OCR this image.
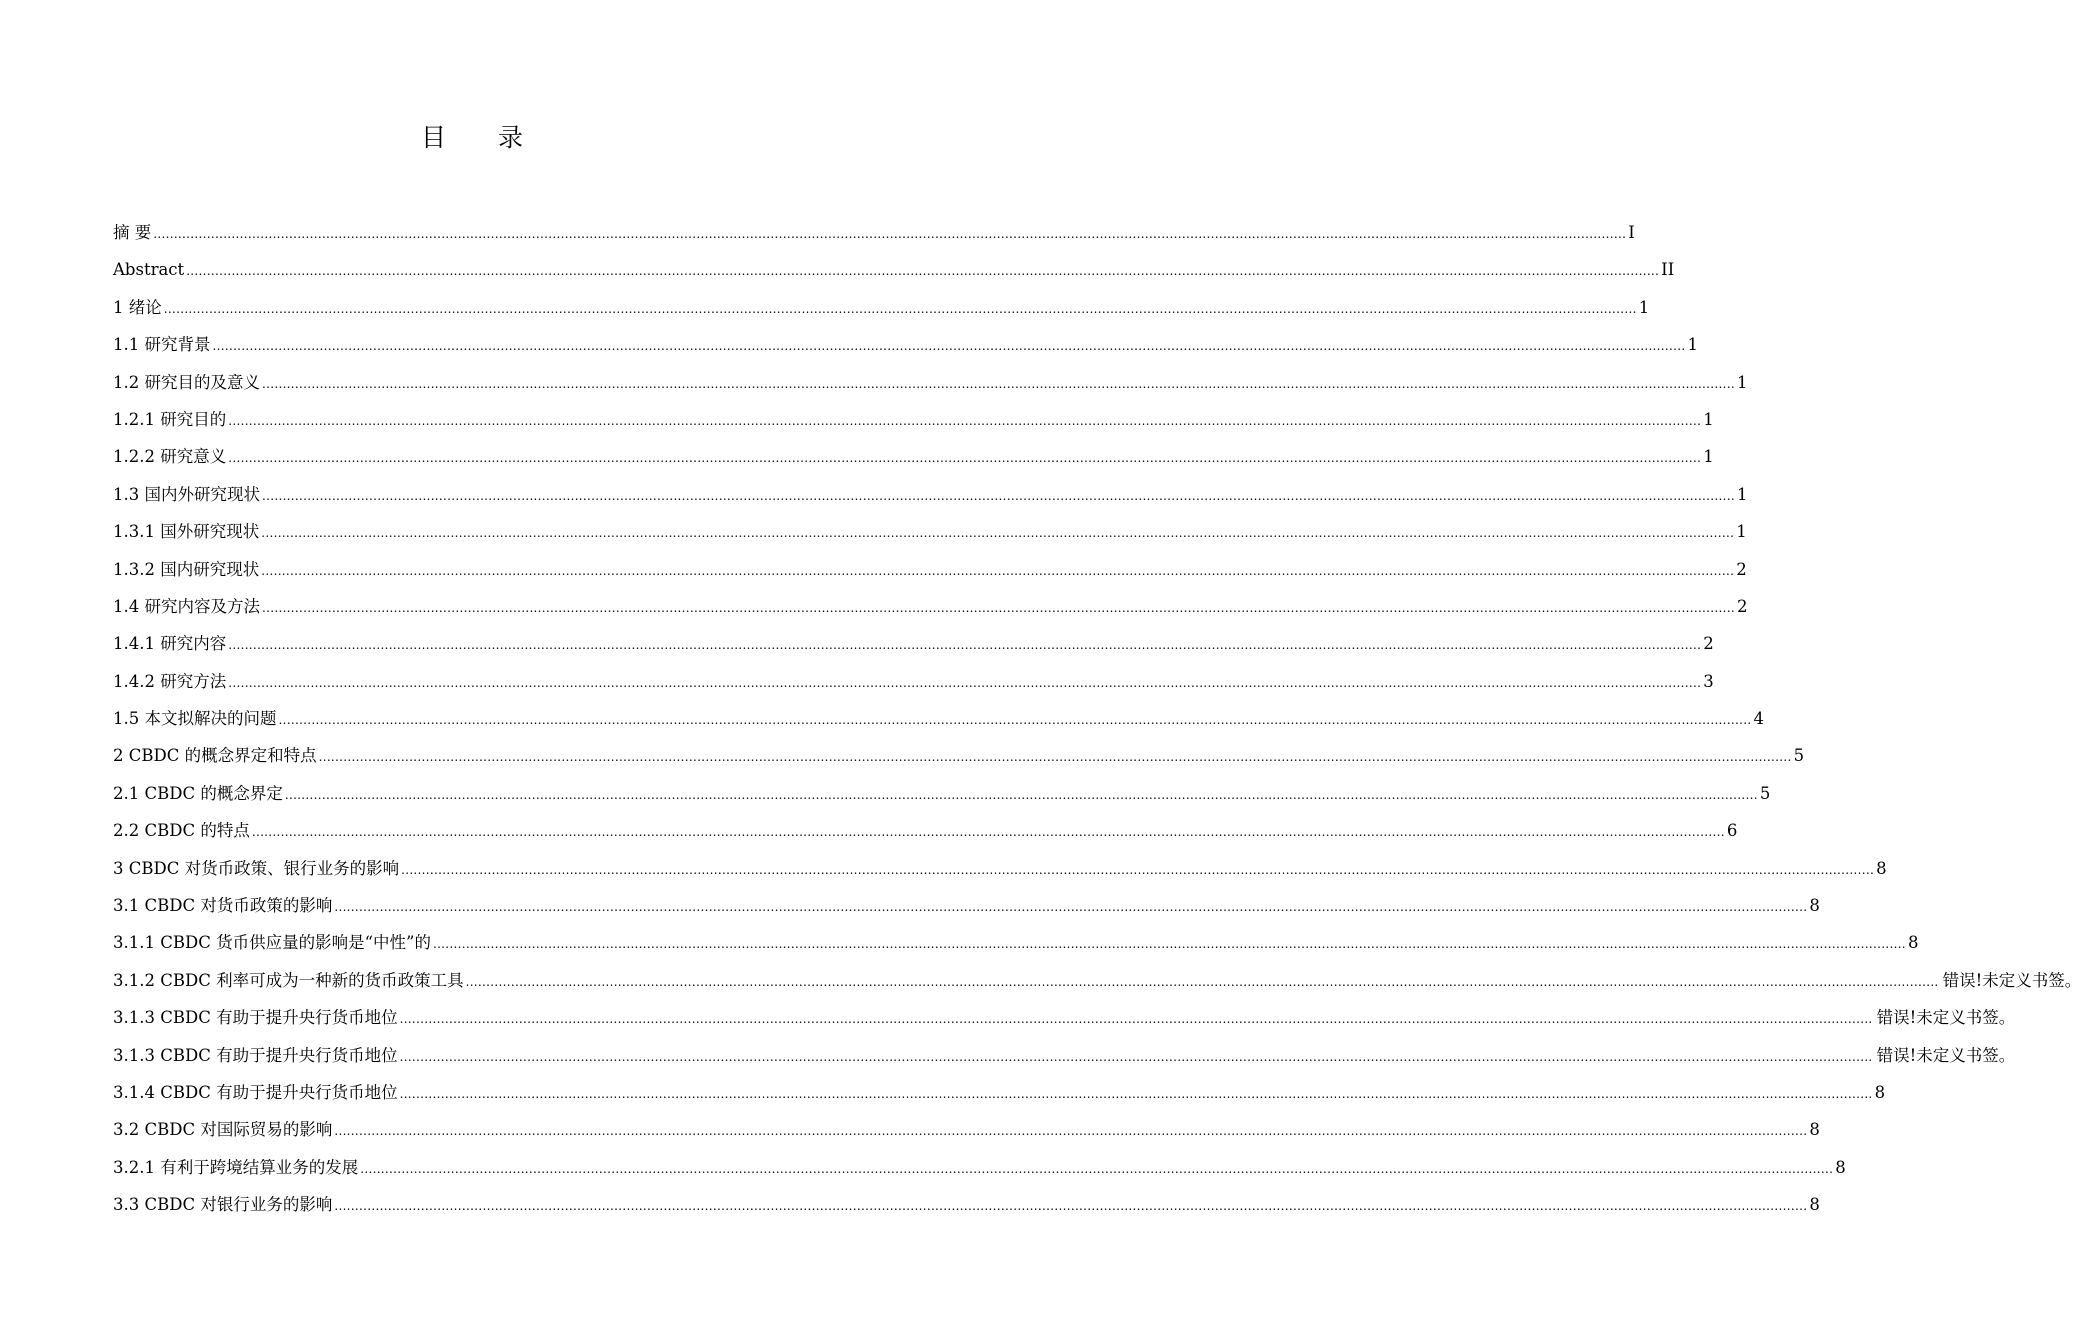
目 录
摘 要 ...................................................................................................................................................................................................................................................................................................................................................................... I
Abstract ...................................................................................................................................................................................................................................................................................................................................................................... II
1 绪论 ...................................................................................................................................................................................................................................................................................................................................................................... 1
1.1 研究背景 ...................................................................................................................................................................................................................................................................................................................................................................... 1
1.2 研究目的及意义 ...................................................................................................................................................................................................................................................................................................................................................................... 1
1.2.1 研究目的 ...................................................................................................................................................................................................................................................................................................................................................................... 1
1.2.2 研究意义 ...................................................................................................................................................................................................................................................................................................................................................................... 1
1.3 国内外研究现状 ...................................................................................................................................................................................................................................................................................................................................................................... 1
1.3.1 国外研究现状 ...................................................................................................................................................................................................................................................................................................................................................................... 1
1.3.2 国内研究现状 ...................................................................................................................................................................................................................................................................................................................................................................... 2
1.4 研究内容及方法 ...................................................................................................................................................................................................................................................................................................................................................................... 2
1.4.1 研究内容 ...................................................................................................................................................................................................................................................................................................................................................................... 2
1.4.2 研究方法 ...................................................................................................................................................................................................................................................................................................................................................................... 3
1.5 本文拟解决的问题 ...................................................................................................................................................................................................................................................................................................................................................................... 4
2 CBDC 的概念界定和特点 ...................................................................................................................................................................................................................................................................................................................................................................... 5
2.1 CBDC 的概念界定 ...................................................................................................................................................................................................................................................................................................................................................................... 5
2.2 CBDC 的特点 ...................................................................................................................................................................................................................................................................................................................................................................... 6
3 CBDC 对货币政策、银行业务的影响 ...................................................................................................................................................................................................................................................................................................................................................................... 8
3.1 CBDC 对货币政策的影响 ...................................................................................................................................................................................................................................................................................................................................................................... 8
3.1.1 CBDC 货币供应量的影响是“中性”的 ...................................................................................................................................................................................................................................................................................................................................................................... 8
3.1.2 CBDC 利率可成为一种新的货币政策工具 ...................................................................................................................................................................................................................................................................................................................................................................... 错误!未定义书签。
3.1.3 CBDC 有助于提升央行货币地位 ...................................................................................................................................................................................................................................................................................................................................................................... 错误!未定义书签。
3.1.3 CBDC 有助于提升央行货币地位 ...................................................................................................................................................................................................................................................................................................................................................................... 错误!未定义书签。
3.1.4 CBDC 有助于提升央行货币地位 ...................................................................................................................................................................................................................................................................................................................................................................... 8
3.2 CBDC 对国际贸易的影响 ...................................................................................................................................................................................................................................................................................................................................................................... 8
3.2.1 有利于跨境结算业务的发展 ...................................................................................................................................................................................................................................................................................................................................................................... 8
3.3 CBDC 对银行业务的影响 ...................................................................................................................................................................................................................................................................................................................................................................... 8
